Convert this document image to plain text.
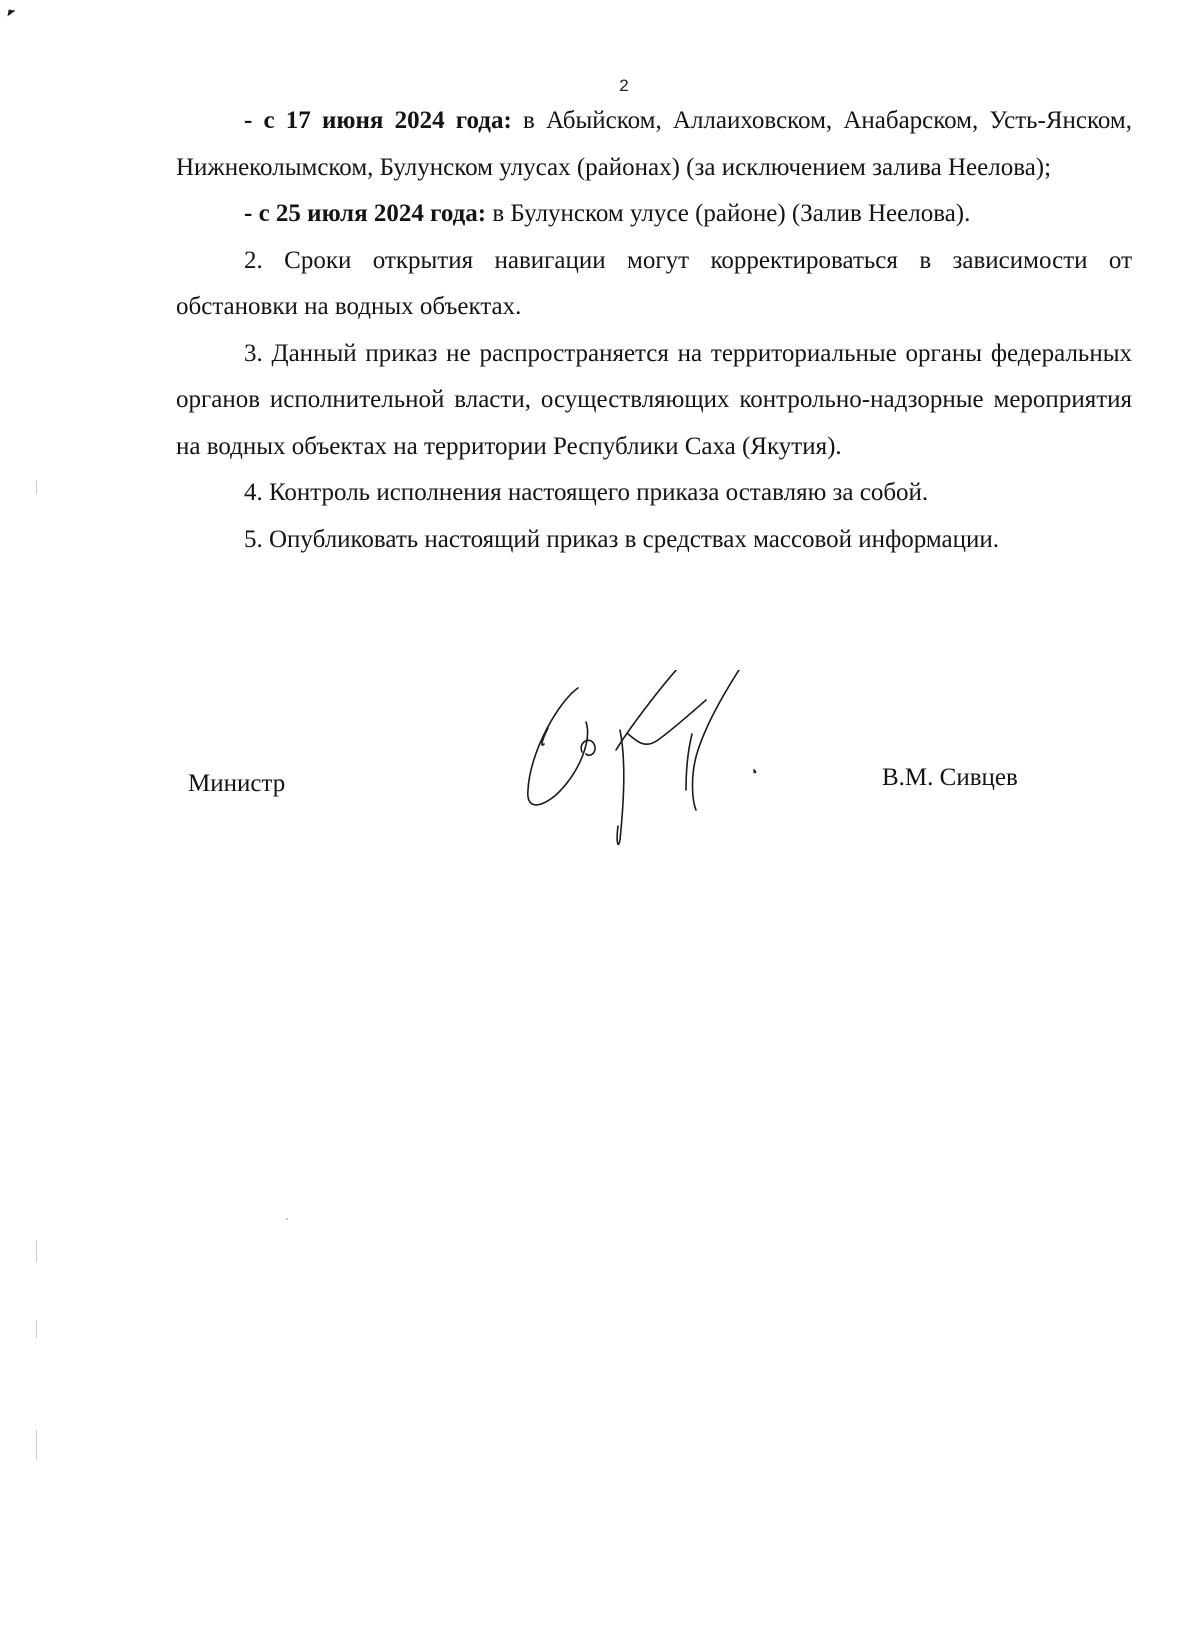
2

- с 17 июня 2024 года: в Абыйском, Аллаиховском, Анабарском, Усть-Янском, Нижнеколымском, Булунском улусах (районах) (за исключением залива Неелова);

- с 25 июля 2024 года: в Булунском улусе (районе) (Залив Неелова).

2. Сроки открытия навигации могут корректироваться в зависимости от обстановки на водных объектах.

3. Данный приказ не распространяется на территориальные органы федеральных органов исполнительной власти, осуществляющих контрольно-надзорные мероприятия на водных объектах на территории Республики Саха (Якутия).

4. Контроль исполнения настоящего приказа оставляю за собой.

5. Опубликовать настоящий приказ в средствах массовой информации.

Министр	В.М. Сивцев
